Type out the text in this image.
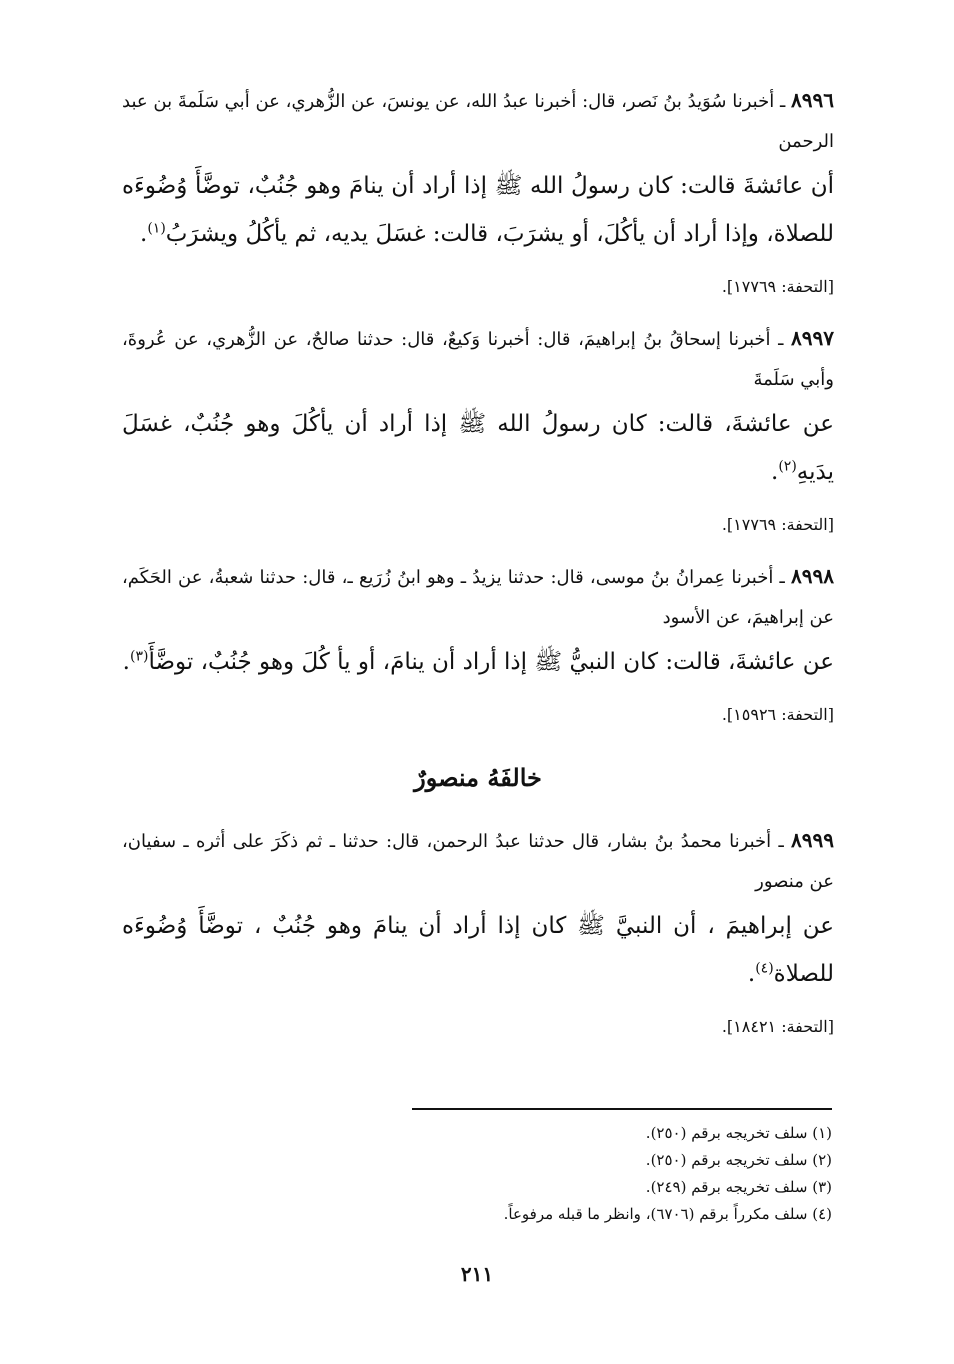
٨٩٩٦ ـ أخبرنا سُوَيدُ بنُ نَصر، قال: أخبرنا عبدُ الله، عن يونسَ، عن الزُّهري، عن أبي سَلَمةَ بن عبد الرحمن

أن عائشةَ قالت: كان رسولُ الله ﷺ إذا أراد أن ينامَ وهو جُنُبٌ، توضَّأَ وُضُوءَه للصلاة، وإذا أراد أن يأكُلَ، أو يشرَبَ، قالت: غسَلَ يديه، ثم يأكُلُ ويشرَبُ$^{(١)}$.

[التحفة: ١٧٧٦٩].

٨٩٩٧ ـ أخبرنا إسحاقُ بنُ إبراهيمَ، قال: أخبرنا وَكيعٌ، قال: حدثنا صالحٌ، عن الزُّهري، عن عُروةَ، وأبي سَلَمةَ

عن عائشةَ، قالت: كان رسولُ الله ﷺ إذا أراد أن يأكُلَ وهو جُنُبٌ، غسَلَ يدَيهِ$^{(٢)}$.

[التحفة: ١٧٧٦٩].

٨٩٩٨ ـ أخبرنا عِمرانُ بنُ موسى، قال: حدثنا يزيدُ ـ وهو ابنُ زُرَيع ـ، قال: حدثنا شعبةُ، عن الحَكَم، عن إبراهيمَ، عن الأسود

عن عائشةَ، قالت: كان النبيُّ ﷺ إذا أراد أن ينامَ، أو يأ كُلَ وهو جُنُبٌ، توضَّأَ$^{(٣)}$.

[التحفة: ١٥٩٢٦].

خالفَهُ منصورٌ

٨٩٩٩ ـ أخبرنا محمدُ بنُ بشار، قال حدثنا عبدُ الرحمن، قال: حدثنا ـ ثم ذكَرَ على أثره ـ سفيان، عن منصور

عن إبراهيمَ ، أن النبيَّ ﷺ كان إذا أراد أن ينامَ وهو جُنُبٌ ، توضَّأَ وُضُوءَه للصلاة$^{(٤)}$.

[التحفة: ١٨٤٢١].

(١) سلف تخريجه برقم (٢٥٠).

(٢) سلف تخريجه برقم (٢٥٠).

(٣) سلف تخريجه برقم (٢٤٩).

(٤) سلف مكرراً برقم (٦٧٠٦)، وانظر ما قبله مرفوعاً.

٢١١
